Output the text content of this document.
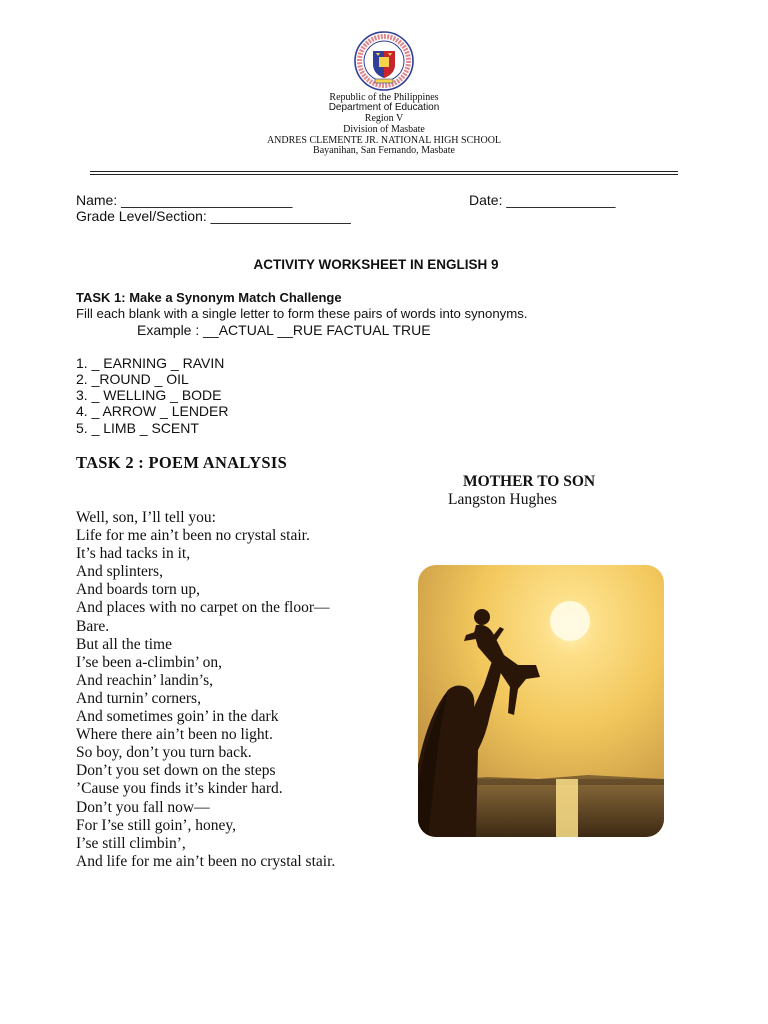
Republic of the Philippines
Department of Education
Region V
Division of Masbate
ANDRES CLEMENTE JR. NATIONAL HIGH SCHOOL
Bayanihan, San Fernando, Masbate
Name: ______________________	Date: ______________
Grade Level/Section: __________________
ACTIVITY WORKSHEET IN ENGLISH 9
TASK 1: Make a Synonym Match Challenge
Fill each blank with a single letter to form these pairs of words into synonyms.
Example : __ACTUAL __RUE FACTUAL TRUE
1. _ EARNING _ RAVIN
2. _ROUND _ OIL
3. _ WELLING _ BODE
4. _ ARROW _ LENDER
5. _ LIMB _ SCENT
TASK 2 : POEM ANALYSIS
MOTHER TO SON
Langston Hughes
Well, son, I’ll tell you:
Life for me ain’t been no crystal stair.
It’s had tacks in it,
And splinters,
And boards torn up,
And places with no carpet on the floor—
Bare.
But all the time
I’se been a-climbin’ on,
And reachin’ landin’s,
And turnin’ corners,
And sometimes goin’ in the dark
Where there ain’t been no light.
So boy, don’t you turn back.
Don’t you set down on the steps
’Cause you finds it’s kinder hard.
Don’t you fall now—
For I’se still goin’, honey,
I’se still climbin’,
And life for me ain’t been no crystal stair.
